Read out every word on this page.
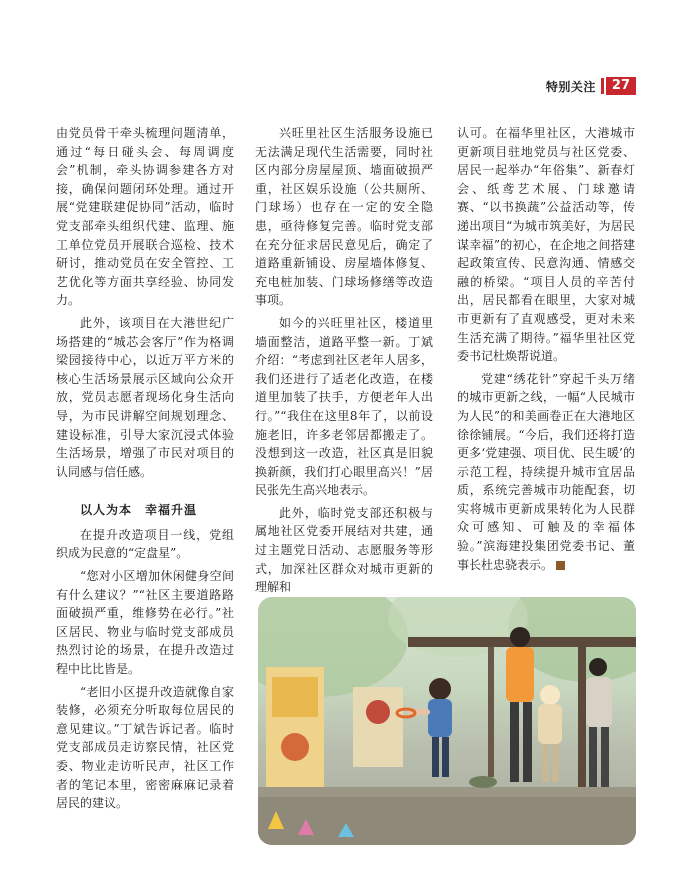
特别关注	27

由党员骨干牵头梳理问题清单，通过“每日碰头会、每周调度会”机制，牵头协调参建各方对接，确保问题闭环处理。通过开展“党建联建促协同”活动，临时党支部牵头组织代建、监理、施工单位党员开展联合巡检、技术研讨，推动党员在安全管控、工艺优化等方面共享经验、协同发力。

此外，该项目在大港世纪广场搭建的“城芯会客厅”作为格调梁园接待中心，以近万平方米的核心生活场景展示区域向公众开放，党员志愿者现场化身生活向导，为市民讲解空间规划理念、建设标准，引导大家沉浸式体验生活场景，增强了市民对项目的认同感与信任感。

以人为本　幸福升温

在提升改造项目一线，党组织成为民意的“定盘星”。

“您对小区增加休闲健身空间有什么建议？”“社区主要道路路面破损严重，维修势在必行。”社区居民、物业与临时党支部成员热烈讨论的场景，在提升改造过程中比比皆是。

“老旧小区提升改造就像自家装修，必须充分听取每位居民的意见建议。”丁斌告诉记者。临时党支部成员走访察民情，社区党委、物业走访听民声，社区工作者的笔记本里，密密麻麻记录着居民的建议。

兴旺里社区生活服务设施已无法满足现代生活需要，同时社区内部分房屋屋顶、墙面破损严重，社区娱乐设施（公共厕所、门球场）也存在一定的安全隐患，亟待修复完善。临时党支部在充分征求居民意见后，确定了道路重新铺设、房屋墙体修复、充电桩加装、门球场修缮等改造事项。

如今的兴旺里社区，楼道里墙面整洁，道路平整一新。丁斌介绍：“考虑到社区老年人居多，我们还进行了适老化改造，在楼道里加装了扶手，方便老年人出行。”“我住在这里8年了，以前设施老旧，许多老邻居都搬走了。没想到这一改造，社区真是旧貌换新颜，我们打心眼里高兴！”居民张先生高兴地表示。

此外，临时党支部还积极与属地社区党委开展结对共建，通过主题党日活动、志愿服务等形式，加深社区群众对城市更新的理解和

认可。在福华里社区，大港城市更新项目驻地党员与社区党委、居民一起举办“年俗集”、新春灯会、纸鸢艺术展、门球邀请赛、“以书换蔬”公益活动等，传递出项目“为城市筑美好，为居民谋幸福”的初心，在企地之间搭建起政策宣传、民意沟通、情感交融的桥梁。“项目人员的辛苦付出，居民都看在眼里，大家对城市更新有了直观感受，更对未来生活充满了期待。”福华里社区党委书记杜焕帮说道。

党建“绣花针”穿起千头万绪的城市更新之线，一幅“人民城市为人民”的和美画卷正在大港地区徐徐铺展。“今后，我们还将打造更多‘党建强、项目优、民生暖’的示范工程，持续提升城市宜居品质，系统完善城市功能配套，切实将城市更新成果转化为人民群众可感知、可触及的幸福体验。”滨海建投集团党委书记、董事长杜忠骁表示。
